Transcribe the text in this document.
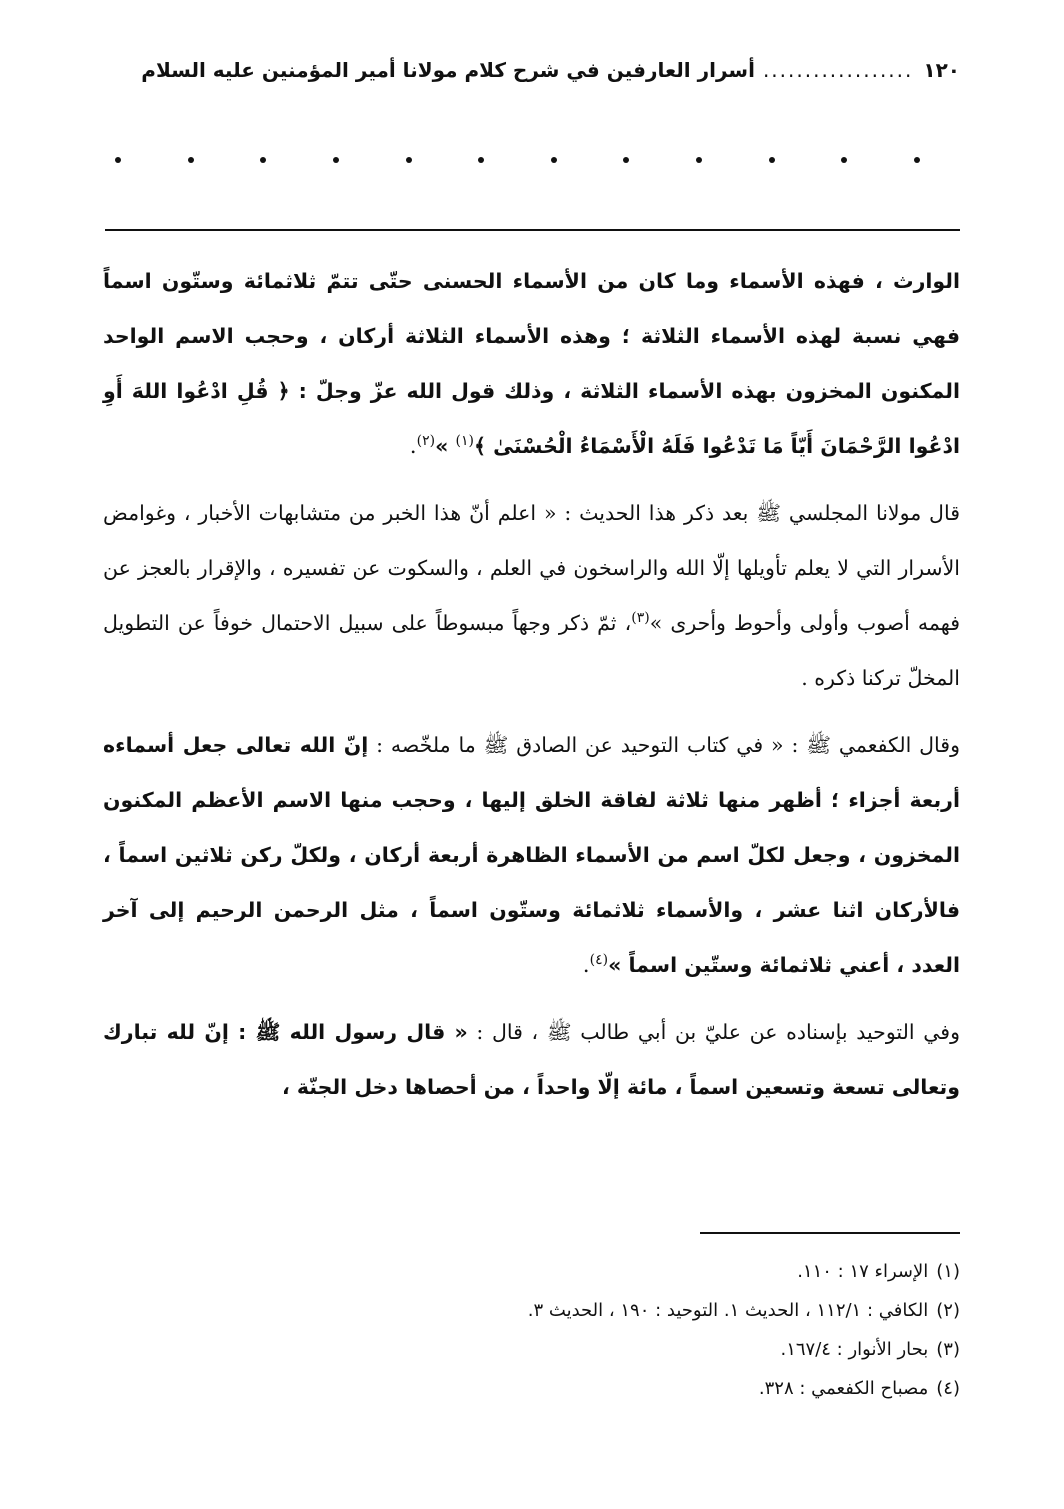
١٢٠
..................
أسرار العارفين في شرح كلام مولانا أمير المؤمنين عليه السلام

الوارث ، فهذه الأسماء وما كان من الأسماء الحسنى حتّى تتمّ ثلاثمائة وستّون اسماً فهي نسبة لهذه الأسماء الثلاثة ؛ وهذه الأسماء الثلاثة أركان ، وحجب الاسم الواحد المكنون المخزون بهذه الأسماء الثلاثة ، وذلك قول الله عزّ وجلّ : ﴿ قُلِ ادْعُوا اللهَ أَوِ ادْعُوا الرَّحْمَانَ أَيّاً مَا تَدْعُوا فَلَهُ الْأَسْمَاءُ الْحُسْنَىٰ ﴾$^{(١)}$ »$^{(٢)}$.

قال مولانا المجلسي ﷺ بعد ذكر هذا الحديث : « اعلم أنّ هذا الخبر من متشابهات الأخبار ، وغوامض الأسرار التي لا يعلم تأويلها إلّا الله والراسخون في العلم ، والسكوت عن تفسيره ، والإقرار بالعجز عن فهمه أصوب وأولى وأحوط وأحرى »$^{(٣)}$، ثمّ ذكر وجهاً مبسوطاً على سبيل الاحتمال خوفاً عن التطويل المخلّ تركنا ذكره .

وقال الكفعمي ﷺ : « في كتاب التوحيد عن الصادق ﷺ ما ملخّصه : إنّ الله تعالى جعل أسماءه أربعة أجزاء ؛ أظهر منها ثلاثة لفاقة الخلق إليها ، وحجب منها الاسم الأعظم المكنون المخزون ، وجعل لكلّ اسم من الأسماء الظاهرة أربعة أركان ، ولكلّ ركن ثلاثين اسماً ، فالأركان اثنا عشر ، والأسماء ثلاثمائة وستّون اسماً ، مثل الرحمن الرحيم إلى آخر العدد ، أعني ثلاثمائة وستّين اسماً »$^{(٤)}$.

وفي التوحيد بإسناده عن عليّ بن أبي طالب ﷺ ، قال : « قال رسول الله ﷺ : إنّ لله تبارك وتعالى تسعة وتسعين اسماً ، مائة إلّا واحداً ، من أحصاها دخل الجنّة ،

(١)الإسراء ١٧ : ١١٠.

(٢)الكافي : ١١٢/١ ، الحديث ١. التوحيد : ١٩٠ ، الحديث ٣.

(٣)بحار الأنوار : ١٦٧/٤.

(٤)مصباح الكفعمي : ٣٢٨.
